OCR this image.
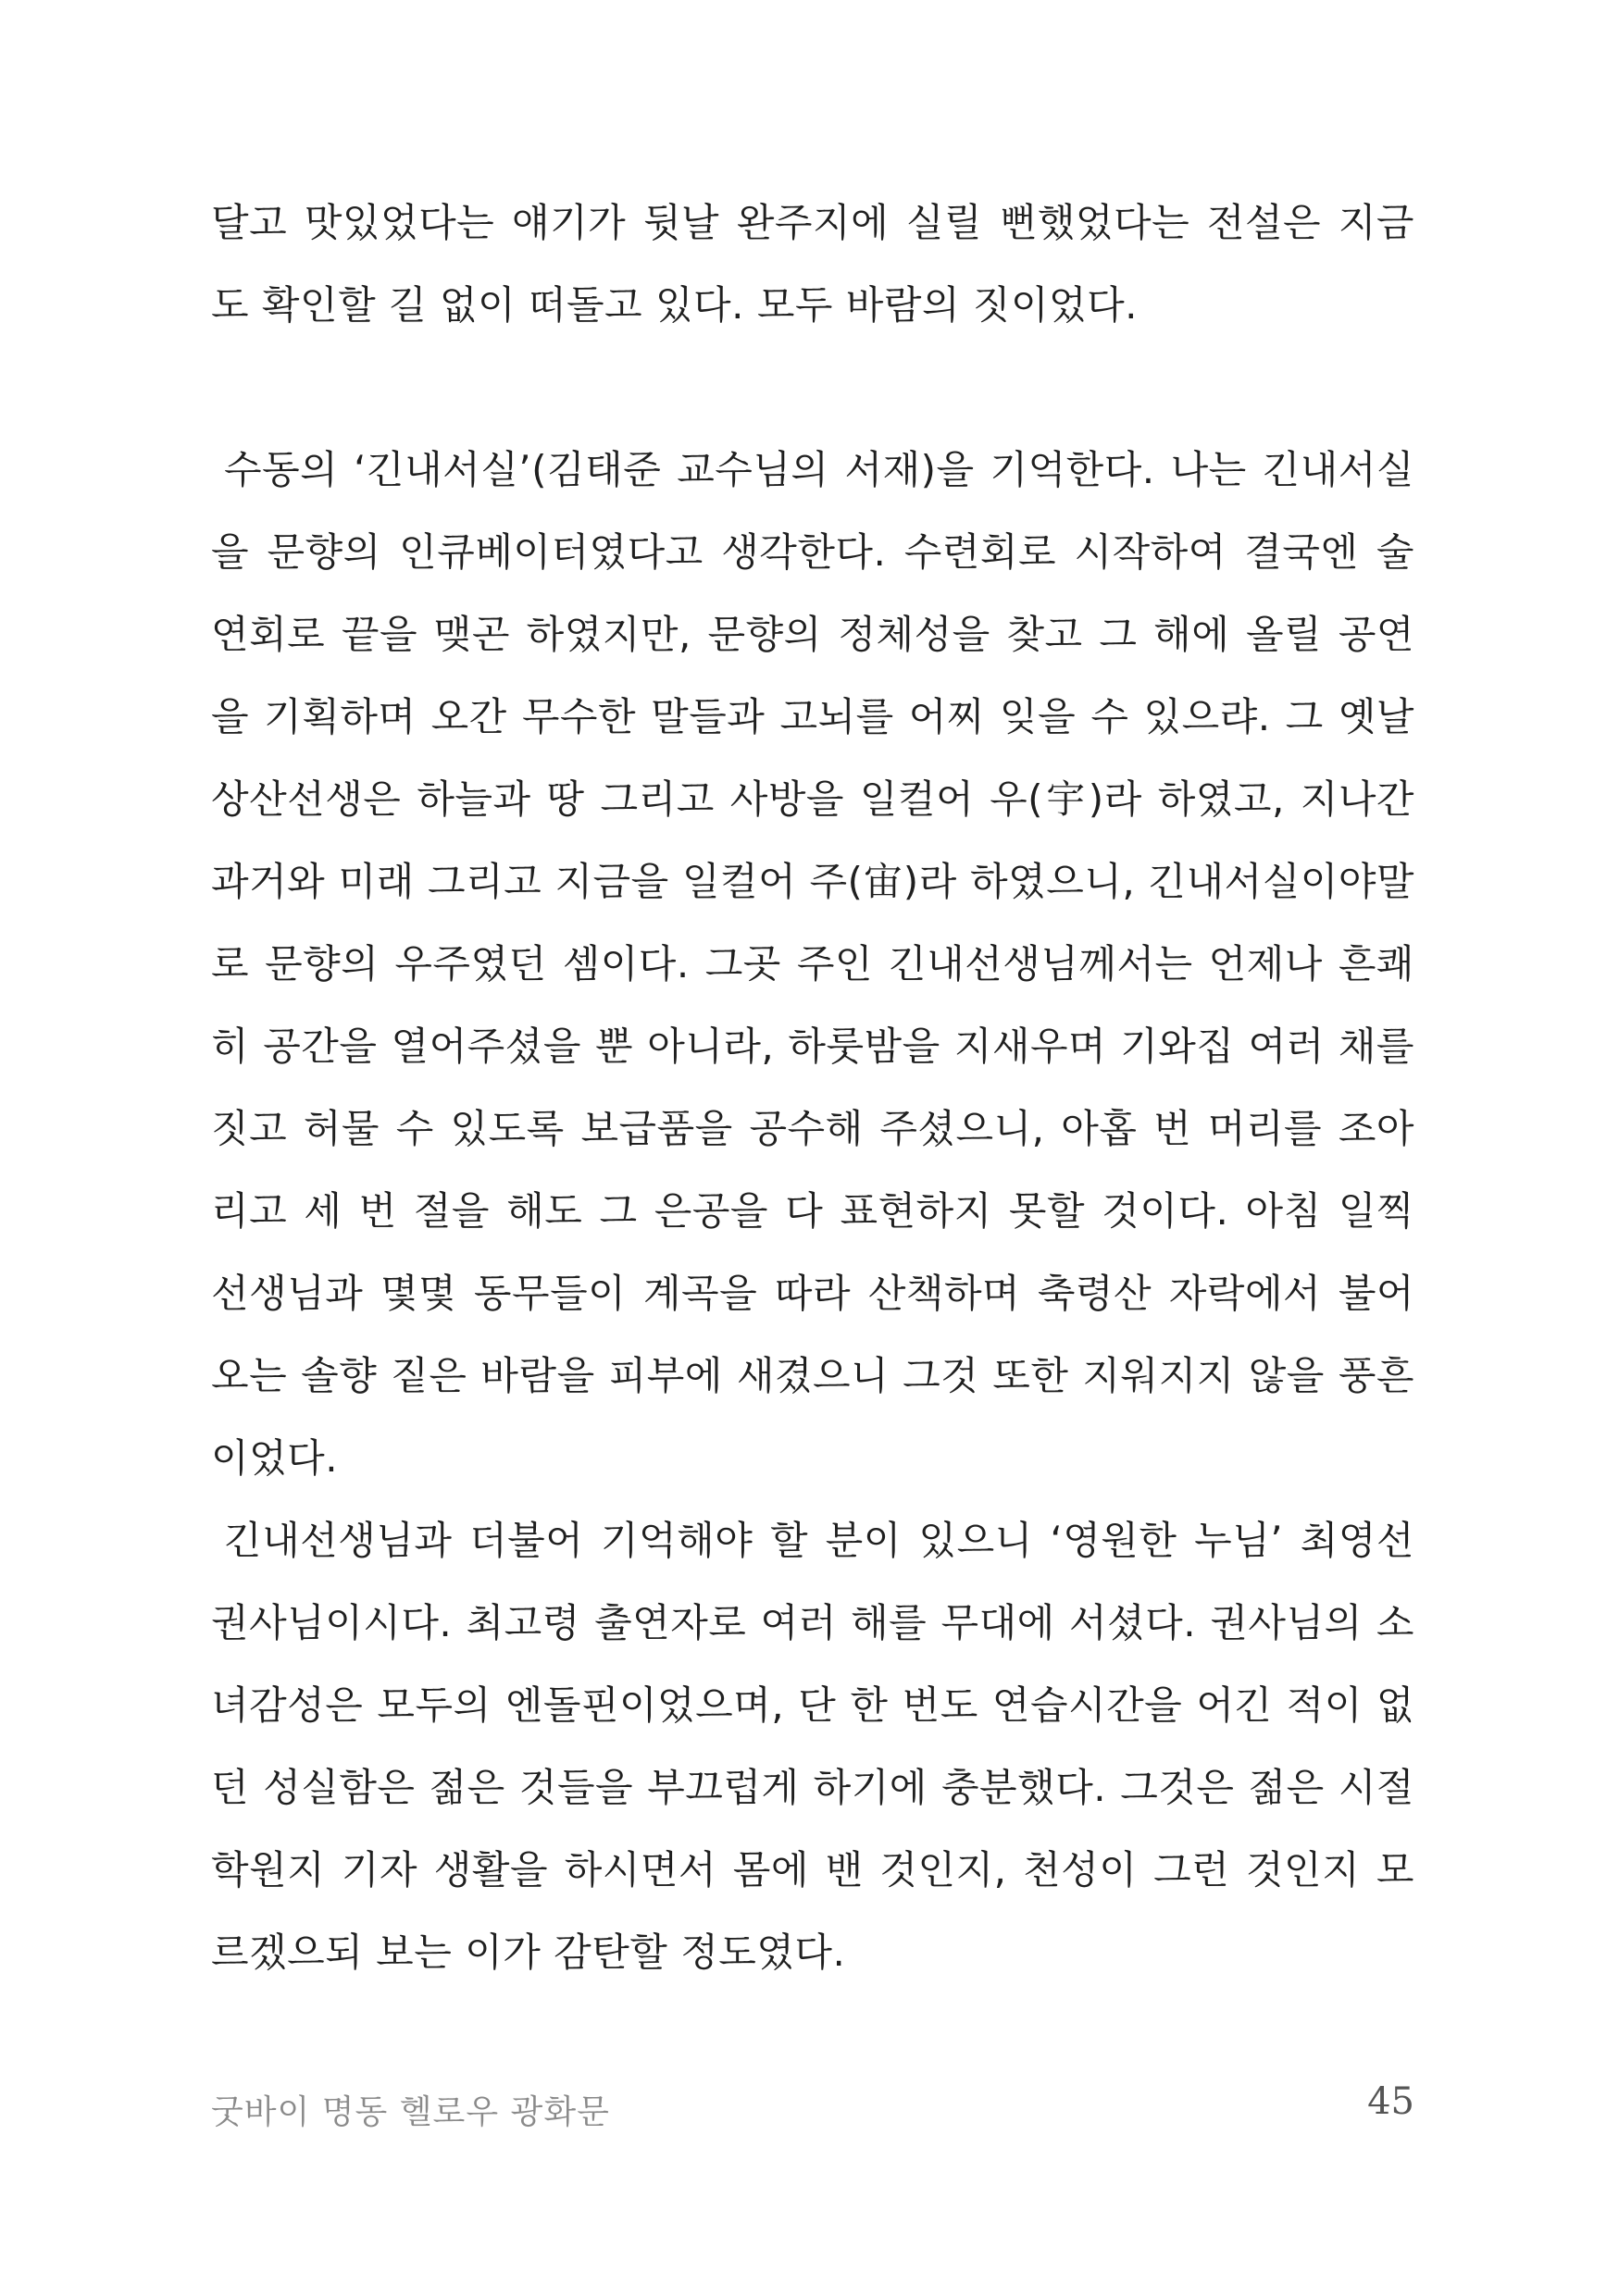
달고 맛있었다는 얘기가 뒷날 완주지에 실릴 뻔했었다는 전설은 지금도 확인할 길 없이 떠돌고 있다. 모두 바람의 짓이었다.

수동의 ‘긴내서실’(김태준 교수님의 서재)을 기억한다. 나는 긴내서실을 문향의 인큐베이터였다고 생각한다. 수련회로 시작하여 결국엔 술연회로 끝을 맺곤 하였지만, 문향의 정체성을 찾고 그 해에 올릴 공연을 기획하며 오간 무수한 말들과 고뇌를 어찌 잊을 수 있으랴. 그 옛날 상산선생은 하늘과 땅 그리고 사방을 일컬어 우(宇)라 하였고, 지나간 과거와 미래 그리고 지금을 일컬어 주(宙)라 하였으니, 긴내서실이야말로 문향의 우주였던 셈이다. 그곳 주인 긴내선생님께서는 언제나 흔쾌히 공간을 열어주셨을 뿐 아니라, 하룻밤을 지새우며 기와집 여러 채를 짓고 허물 수 있도록 보급품을 공수해 주셨으니, 아홉 번 머리를 조아리고 세 번 절을 해도 그 은공을 다 표현하지 못할 것이다. 아침 일찍 선생님과 몇몇 동무들이 계곡을 따라 산책하며 축령산 자락에서 불어오는 솔향 짙은 바람을 피부에 새겼으니 그것 또한 지워지지 않을 풍흔이었다.

긴내선생님과 더불어 기억해야 할 분이 있으니 ‘영원한 누님’ 최영선 권사님이시다. 최고령 출연자로 여러 해를 무대에 서셨다. 권사님의 소녀감성은 모두의 엔돌핀이었으며, 단 한 번도 연습시간을 어긴 적이 없던 성실함은 젊은 것들을 부끄럽게 하기에 충분했다. 그것은 젊은 시절 학원지 기자 생활을 하시면서 몸에 밴 것인지, 천성이 그런 것인지 모르겠으되 보는 이가 감탄할 정도였다.

굿바이 명동 헬로우 광화문	45
